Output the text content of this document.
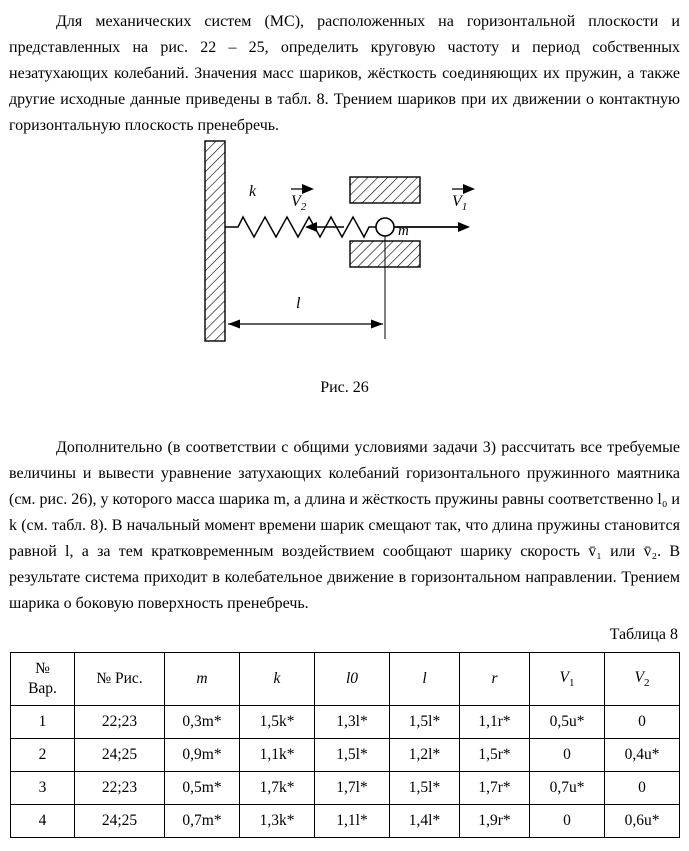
Для механических систем (МС), расположенных на горизонтальной плоскости и представленных на рис. 22 – 25, определить круговую частоту и период собственных незатухающих колебаний. Значения масс шариков, жёсткость соединяющих их пружин, а также другие исходные данные приведены в табл. 8. Трением шариков при их движении о контактную горизонтальную плоскость пренебречь.

k
$V_2$	$V_1$
m
l
Рис. 26

Дополнительно (в соответствии с общими условиями задачи 3) рассчитать все требуемые величины и вывести уравнение затухающих колебаний горизонтального пружинного маятника (см. рис. 26), у которого масса шарика m, а длина и жёсткость пружины равны соответственно l₀ и k (см. табл. 8). В начальный момент времени шарик смещают так, что длина пружины становится равной l, а за тем кратковременным воздействием сообщают шарику скорость v̄₁ или v̄₂. В результате система приходит в колебательное движение в горизонтальном направлении. Трением шарика о боковую поверхность пренебречь.

Таблица 8
№
Вар.	№ Рис.	m	k	l0	l	r	$V_1$	$V_2$
1	22;23	0,3m*	1,5k*	1,3l*	1,5l*	1,1r*	0,5u*	0
2	24;25	0,9m*	1,1k*	1,5l*	1,2l*	1,5r*	0	0,4u*
3	22;23	0,5m*	1,7k*	1,7l*	1,5l*	1,7r*	0,7u*	0
4	24;25	0,7m*	1,3k*	1,1l*	1,4l*	1,9r*	0	0,6u*
